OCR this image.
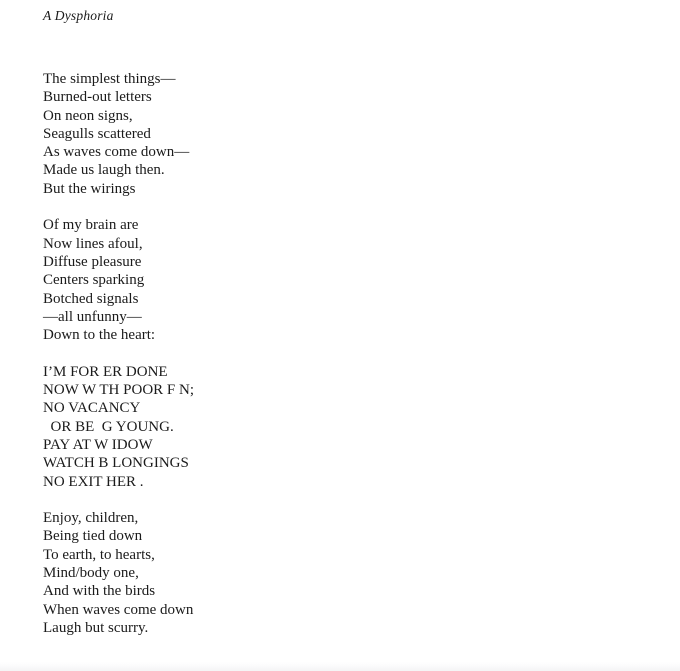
A Dysphoria
The simplest things—
Burned-out letters
On neon signs,
Seagulls scattered
As waves come down—
Made us laugh then.
But the wirings
Of my brain are
Now lines afoul,
Diffuse pleasure
Centers sparking
Botched signals
—all unfunny—
Down to the heart:
I’M FOR ER DONE
NOW W TH POOR F N;
NO VACANCY
OR BE  G YOUNG.
PAY AT W IDOW
WATCH B LONGINGS
NO EXIT HER .
Enjoy, children,
Being tied down
To earth, to hearts,
Mind/body one,
And with the birds
When waves come down
Laugh but scurry.
